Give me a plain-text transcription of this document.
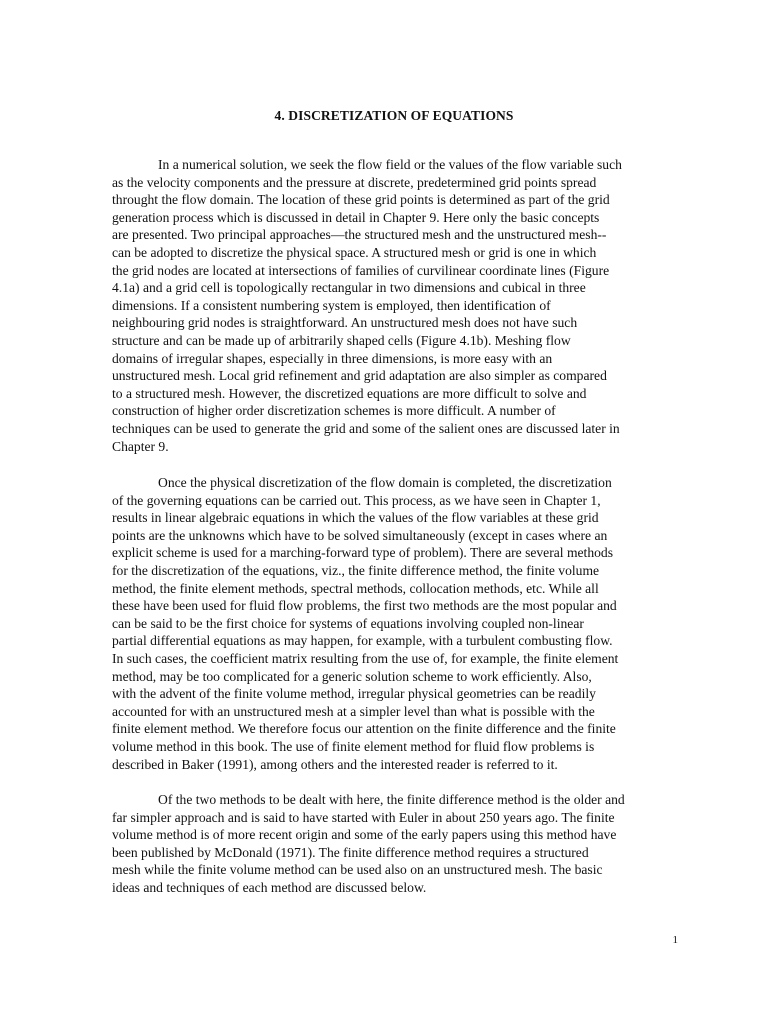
4. DISCRETIZATION OF EQUATIONS

In a numerical solution, we seek the flow field or the values of the flow variable such
as the velocity components and the pressure at discrete, predetermined grid points spread
throught the flow domain. The location of these grid points is determined as part of the grid
generation process which is discussed in detail in Chapter 9. Here only the basic concepts
are presented. Two principal approaches—the structured mesh and the unstructured mesh--
can be adopted to discretize the physical space. A structured mesh or grid is one in which
the grid nodes are located at intersections of families of curvilinear coordinate lines (Figure
4.1a) and a grid cell is topologically rectangular in two dimensions and cubical in three
dimensions. If a consistent numbering system is employed, then identification of
neighbouring grid nodes is straightforward. An unstructured mesh does not have such
structure and can be made up of arbitrarily shaped cells (Figure 4.1b). Meshing flow
domains of irregular shapes, especially in three dimensions, is more easy with an
unstructured mesh. Local grid refinement and grid adaptation are also simpler as compared
to a structured mesh. However, the discretized equations are more difficult to solve and
construction of higher order discretization schemes is more difficult. A number of
techniques can be used to generate the grid and some of the salient ones are discussed later in
Chapter 9.

Once the physical discretization of the flow domain is completed, the discretization
of the governing equations can be carried out. This process, as we have seen in Chapter 1,
results in linear algebraic equations in which the values of the flow variables at these grid
points are the unknowns which have to be solved simultaneously (except in cases where an
explicit scheme is used for a marching-forward type of problem). There are several methods
for the discretization of the equations, viz., the finite difference method, the finite volume
method, the finite element methods, spectral methods, collocation methods, etc. While all
these have been used for fluid flow problems, the first two methods are the most popular and
can be said to be the first choice for systems of equations involving coupled non-linear
partial differential equations as may happen, for example, with a turbulent combusting flow.
In such cases, the coefficient matrix resulting from the use of, for example, the finite element
method, may be too complicated for a generic solution scheme to work efficiently. Also,
with the advent of the finite volume method, irregular physical geometries can be readily
accounted for with an unstructured mesh at a simpler level than what is possible with the
finite element method. We therefore focus our attention on the finite difference and the finite
volume method in this book. The use of finite element method for fluid flow problems is
described in Baker (1991), among others and the interested reader is referred to it.

Of the two methods to be dealt with here, the finite difference method is the older and
far simpler approach and is said to have started with Euler in about 250 years ago. The finite
volume method is of more recent origin and some of the early papers using this method have
been published by McDonald (1971). The finite difference method requires a structured
mesh while the finite volume method can be used also on an unstructured mesh. The basic
ideas and techniques of each method are discussed below.

1
